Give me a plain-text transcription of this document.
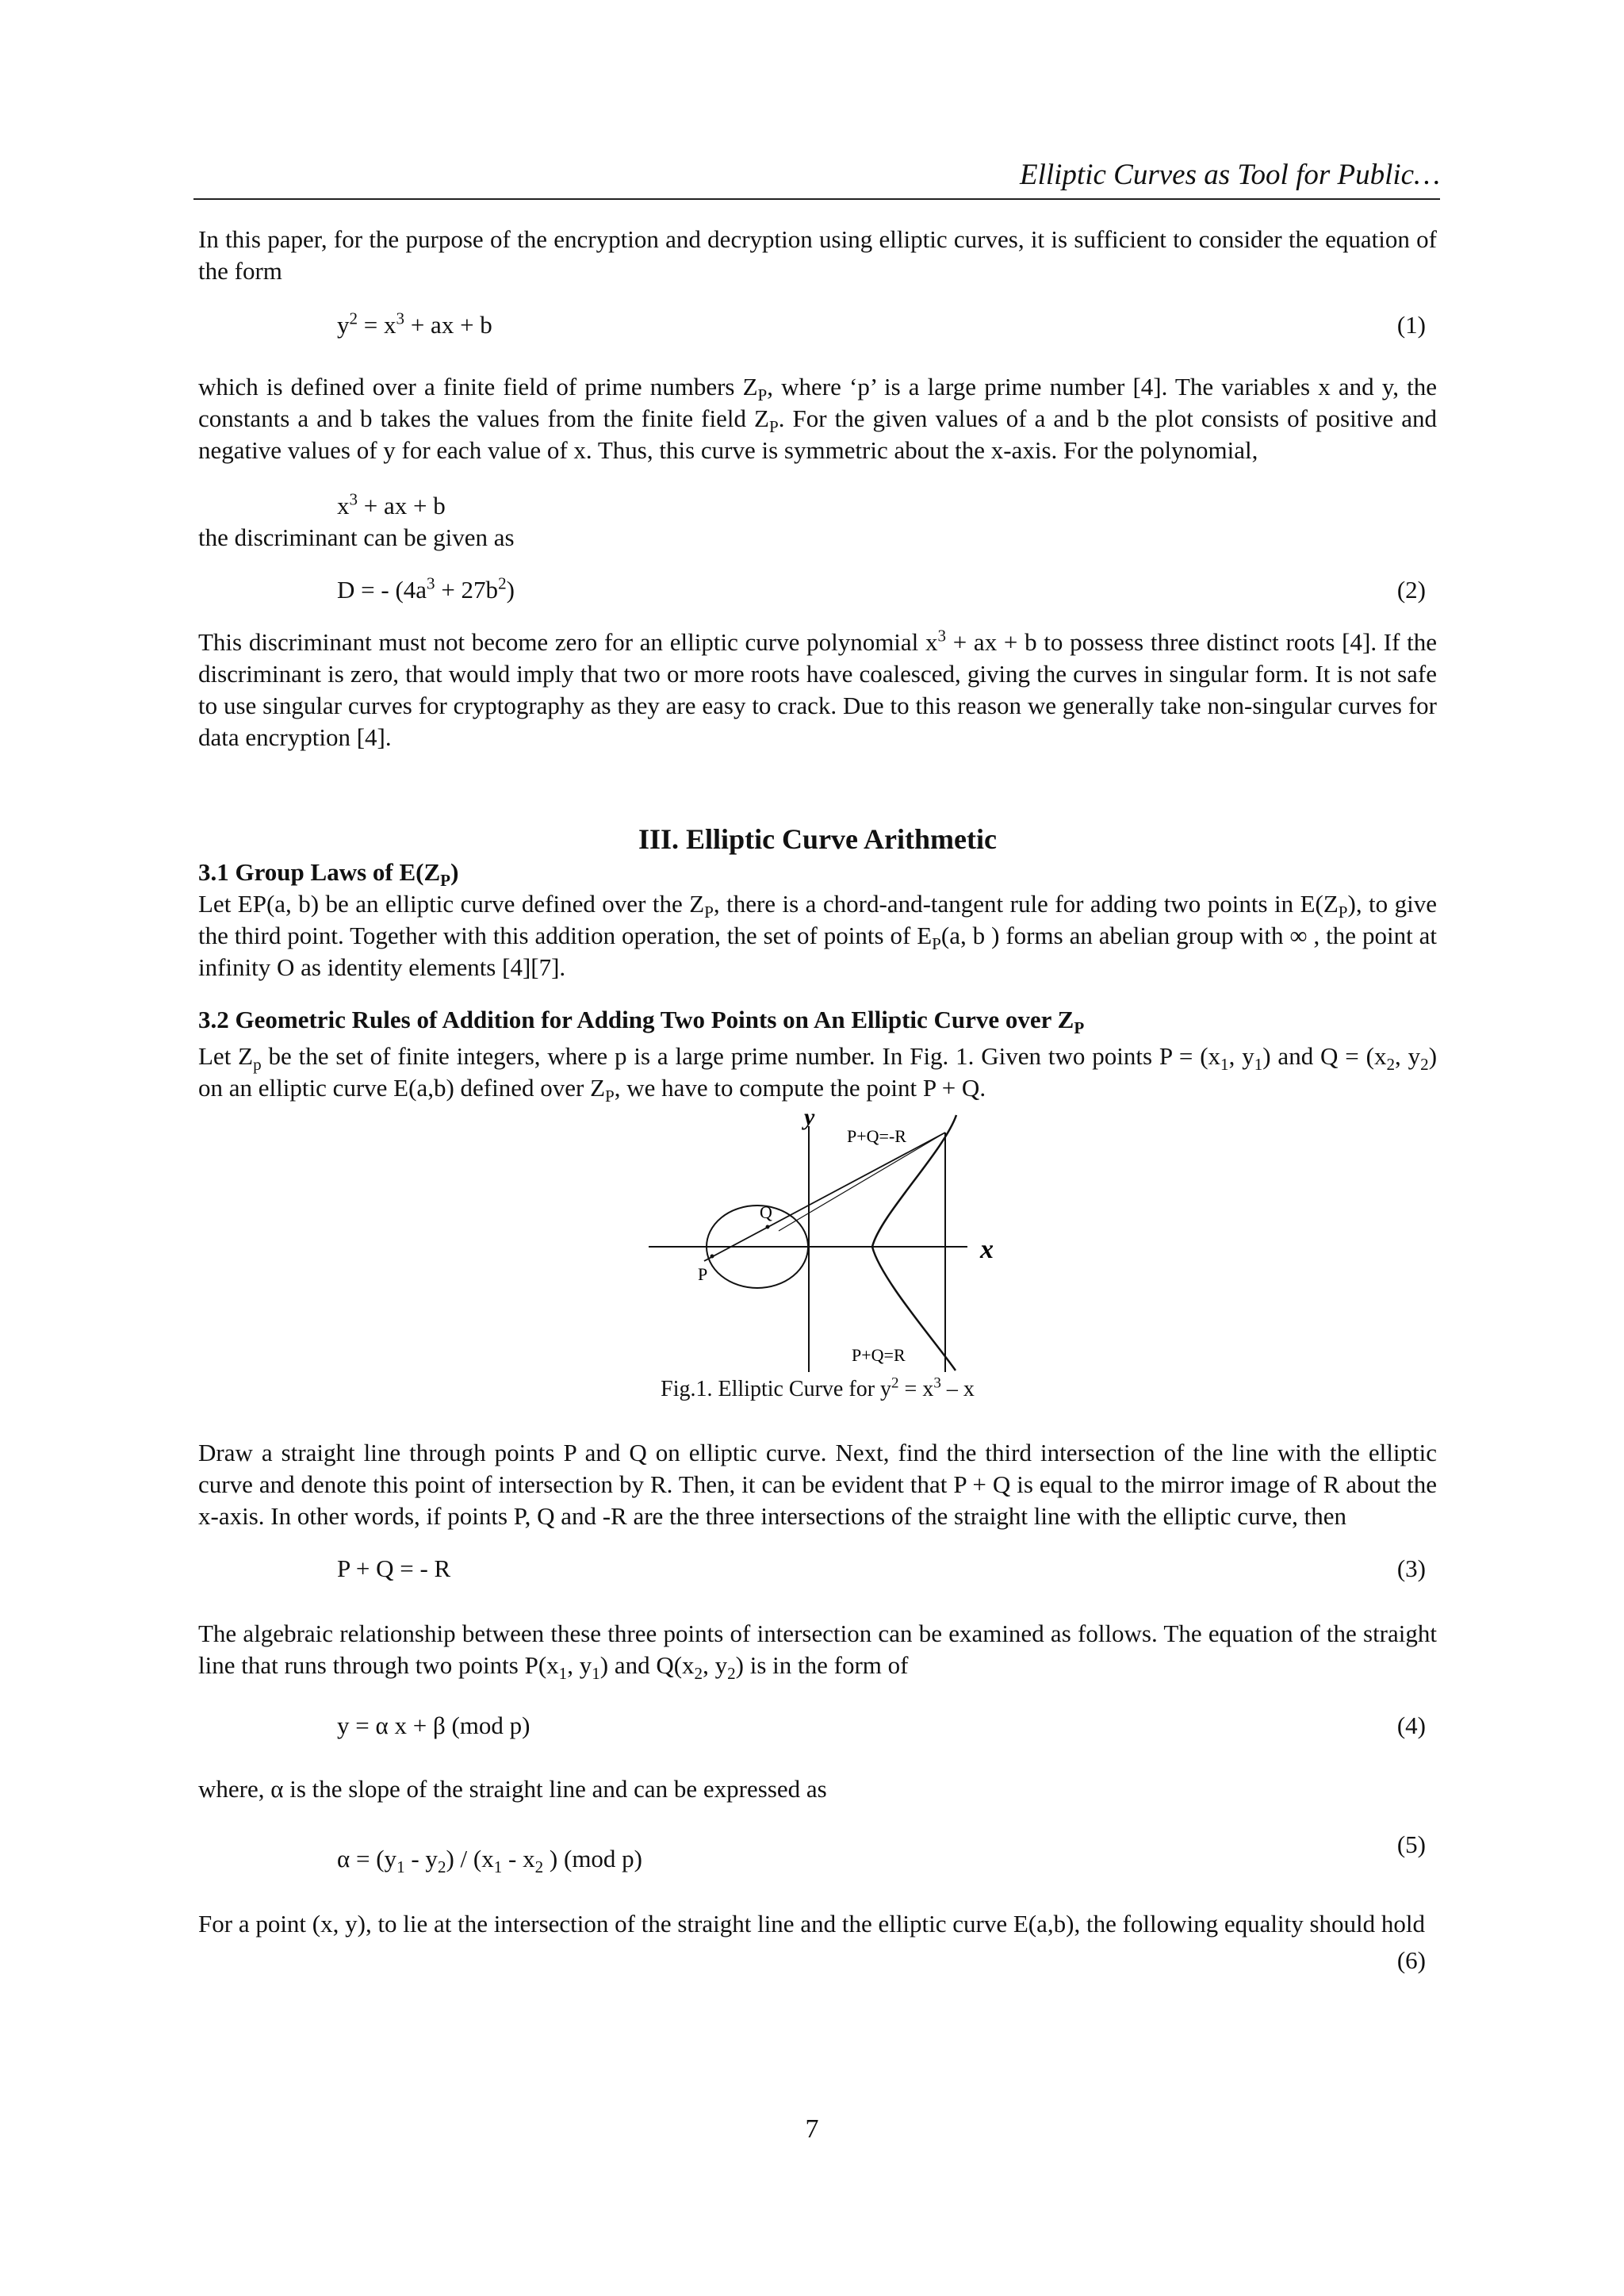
Elliptic Curves as Tool for Public…

In this paper, for the purpose of the encryption and decryption using elliptic curves, it is sufficient to consider the equation of the form

$y^2 = x^3$ + ax + b	(1)

which is defined over a finite field of prime numbers $Z_P$, where ‘p’ is a large prime number [4]. The variables x and y, the constants a and b takes the values from the finite field $Z_P$. For the given values of a and b the plot consists of positive and negative values of y for each value of x. Thus, this curve is symmetric about the x-axis. For the polynomial,

$x^3$ + ax + b

the discriminant can be given as

D = - $(4a^3 + 27b^2)$	(2)

This discriminant must not become zero for an elliptic curve polynomial $x^3$ + ax + b to possess three distinct roots [4]. If the discriminant is zero, that would imply that two or more roots have coalesced, giving the curves in singular form. It is not safe to use singular curves for cryptography as they are easy to crack. Due to this reason we generally take non-singular curves for data encryption [4].

III. Elliptic Curve Arithmetic

3.1 Group Laws of $E(Z_P)$

Let EP(a, b) be an elliptic curve defined over the $Z_P$, there is a chord-and-tangent rule for adding two points in $E(Z_P)$, to give the third point. Together with this addition operation, the set of points of $E_P(a$, b ) forms an abelian group with ∞ , the point at infinity O as identity elements [4][7].

3.2 Geometric Rules of Addition for Adding Two Points on An Elliptic Curve over $Z_P$

Let $Z_p$ be the set of finite integers, where p is a large prime number. In Fig. 1. Given two points $P = (x_1$, $y_1$) and $Q = (x_2$, $y_2$) on an elliptic curve E(a,b) defined over $Z_P$, we have to compute the point P + Q.

y
x
P
Q
P+Q=-R
P+Q=R
Fig.1. Elliptic Curve for $y^2 = x^3 - x$

Draw a straight line through points P and Q on elliptic curve. Next, find the third intersection of the line with the elliptic curve and denote this point of intersection by R. Then, it can be evident that P + Q is equal to the mirror image of R about the x-axis. In other words, if points P, Q and -R are the three intersections of the straight line with the elliptic curve, then

P + Q = - R	(3)

The algebraic relationship between these three points of intersection can be examined as follows. The equation of the straight line that runs through two points $P(x_1$, $y_1$) and $Q(x_2$, $y_2$) is in the form of

y = α x + β (mod p)	(4)

where, α is the slope of the straight line and can be expressed as

$\alpha = (y_1 - y_2) / (x_1 - x_2$ ) (mod p)
(5)

For a point (x, y), to lie at the intersection of the straight line and the elliptic curve E(a,b), the following equality should hold

(6)
7
